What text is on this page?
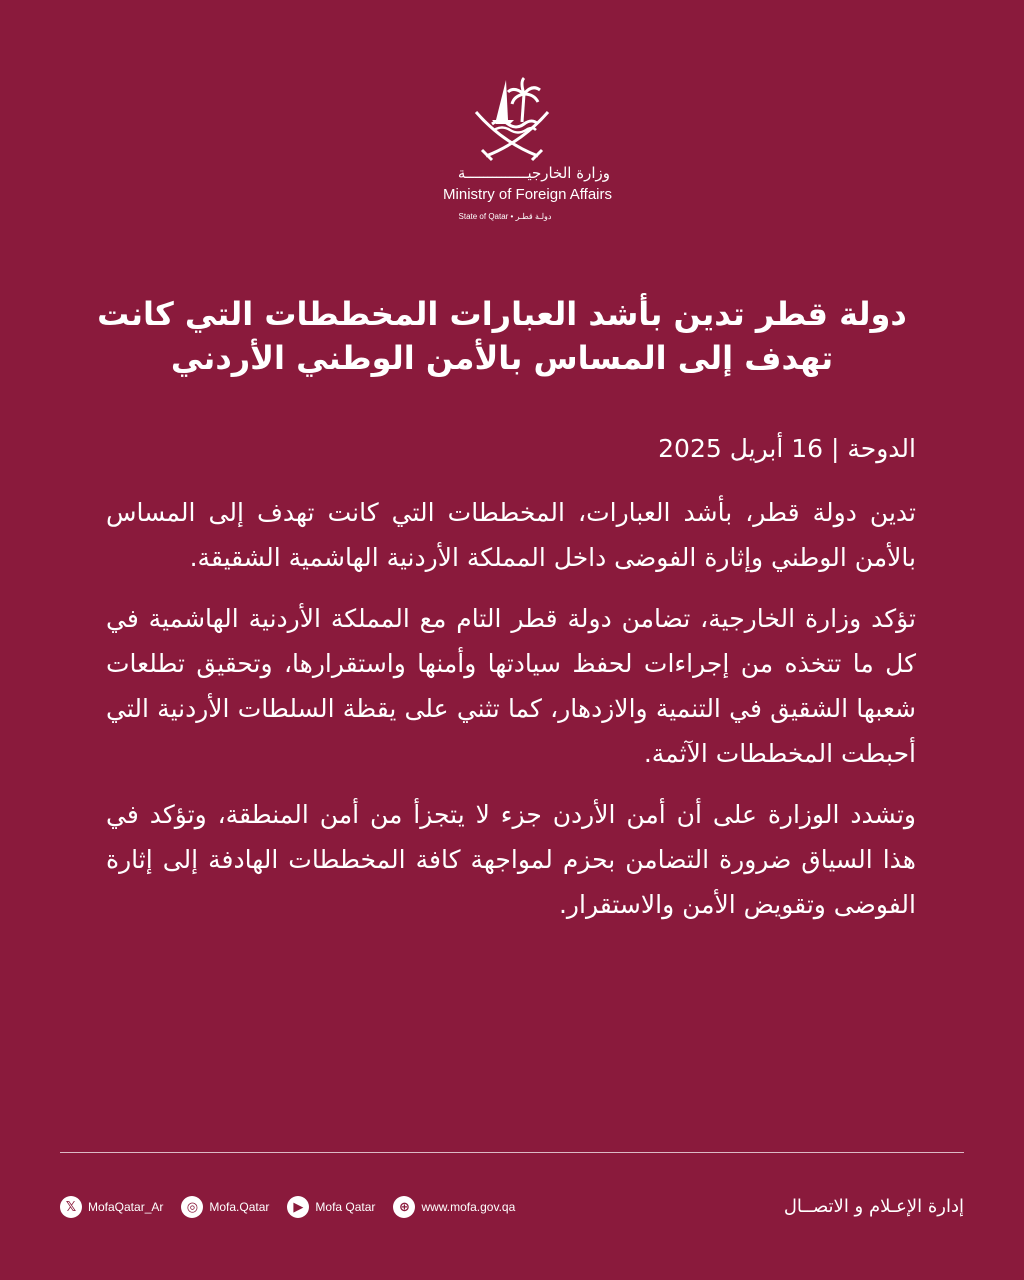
وزارة الخارجيــــــــــــــة
Ministry of Foreign Affairs
State of Qatar • دولـة قطـر
دولة قطر تدين بأشد العبارات المخططات التي كانت
تهدف إلى المساس بالأمن الوطني الأردني
الدوحة | 16 أبريل 2025

تدين دولة قطر، بأشد العبارات، المخططات التي كانت تهدف إلى المساس بالأمن الوطني وإثارة الفوضى داخل المملكة الأردنية الهاشمية الشقيقة.

تؤكد وزارة الخارجية، تضامن دولة قطر التام مع المملكة الأردنية الهاشمية في كل ما تتخذه من إجراءات لحفظ سيادتها وأمنها واستقرارها، وتحقيق تطلعات شعبها الشقيق في التنمية والازدهار، كما تثني على يقظة السلطات الأردنية التي أحبطت المخططات الآثمة.

وتشدد الوزارة على أن أمن الأردن جزء لا يتجزأ من أمن المنطقة، وتؤكد في هذا السياق ضرورة التضامن بحزم لمواجهة كافة المخططات الهادفة إلى إثارة الفوضى وتقويض الأمن والاستقرار.

𝕏 MofaQatar_Ar	◎ Mofa.Qatar	▶	Mofa Qatar	⊕ www.mofa.gov.qa	إدارة الإعـلام و الاتصــال
